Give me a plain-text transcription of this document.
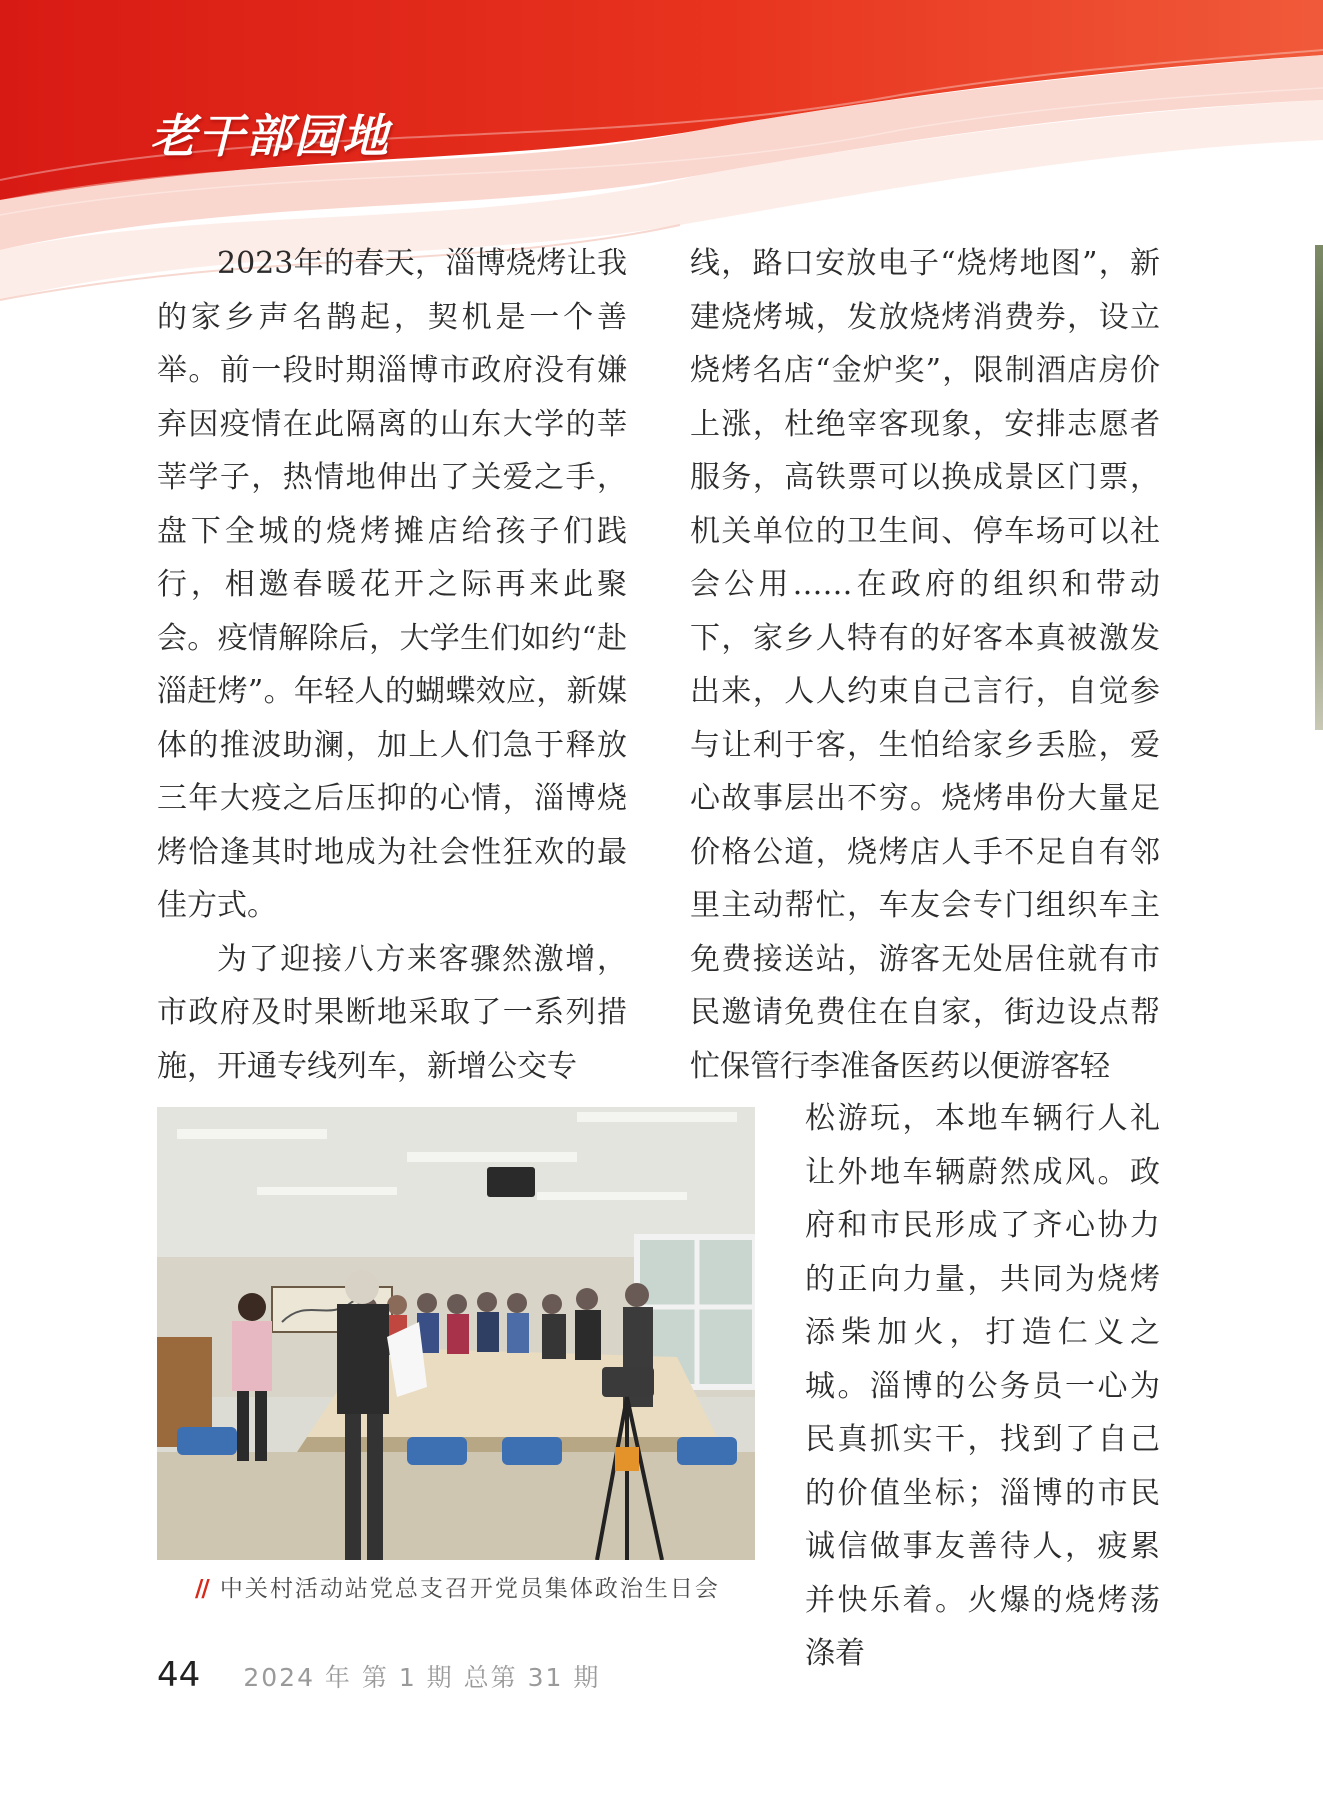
老干部园地

2023年的春天，淄博烧烤让我的家乡声名鹊起，契机是一个善举。前一段时期淄博市政府没有嫌弃因疫情在此隔离的山东大学的莘莘学子，热情地伸出了关爱之手，盘下全城的烧烤摊店给孩子们践行，相邀春暖花开之际再来此聚会。疫情解除后，大学生们如约“赴淄赶烤”。年轻人的蝴蝶效应，新媒体的推波助澜，加上人们急于释放三年大疫之后压抑的心情，淄博烧烤恰逢其时地成为社会性狂欢的最佳方式。

为了迎接八方来客骤然激增，市政府及时果断地采取了一系列措施，开通专线列车，新增公交专

线，路口安放电子“烧烤地图”，新建烧烤城，发放烧烤消费券，设立烧烤名店“金炉奖”，限制酒店房价上涨，杜绝宰客现象，安排志愿者服务，高铁票可以换成景区门票，机关单位的卫生间、停车场可以社会公用……在政府的组织和带动下，家乡人特有的好客本真被激发出来，人人约束自己言行，自觉参与让利于客，生怕给家乡丢脸，爱心故事层出不穷。烧烤串份大量足价格公道，烧烤店人手不足自有邻里主动帮忙，车友会专门组织车主免费接送站，游客无处居住就有市民邀请免费住在自家，街边设点帮忙保管行李准备医药以便游客轻

松游玩，本地车辆行人礼让外地车辆蔚然成风。政府和市民形成了齐心协力的正向力量，共同为烧烤添柴加火，打造仁义之城。淄博的公务员一心为民真抓实干，找到了自己的价值坐标；淄博的市民诚信做事友善待人，疲累并快乐着。火爆的烧烤荡涤着

// 中关村活动站党总支召开党员集体政治生日会
44 2024 年 第 1 期 总第 31 期
